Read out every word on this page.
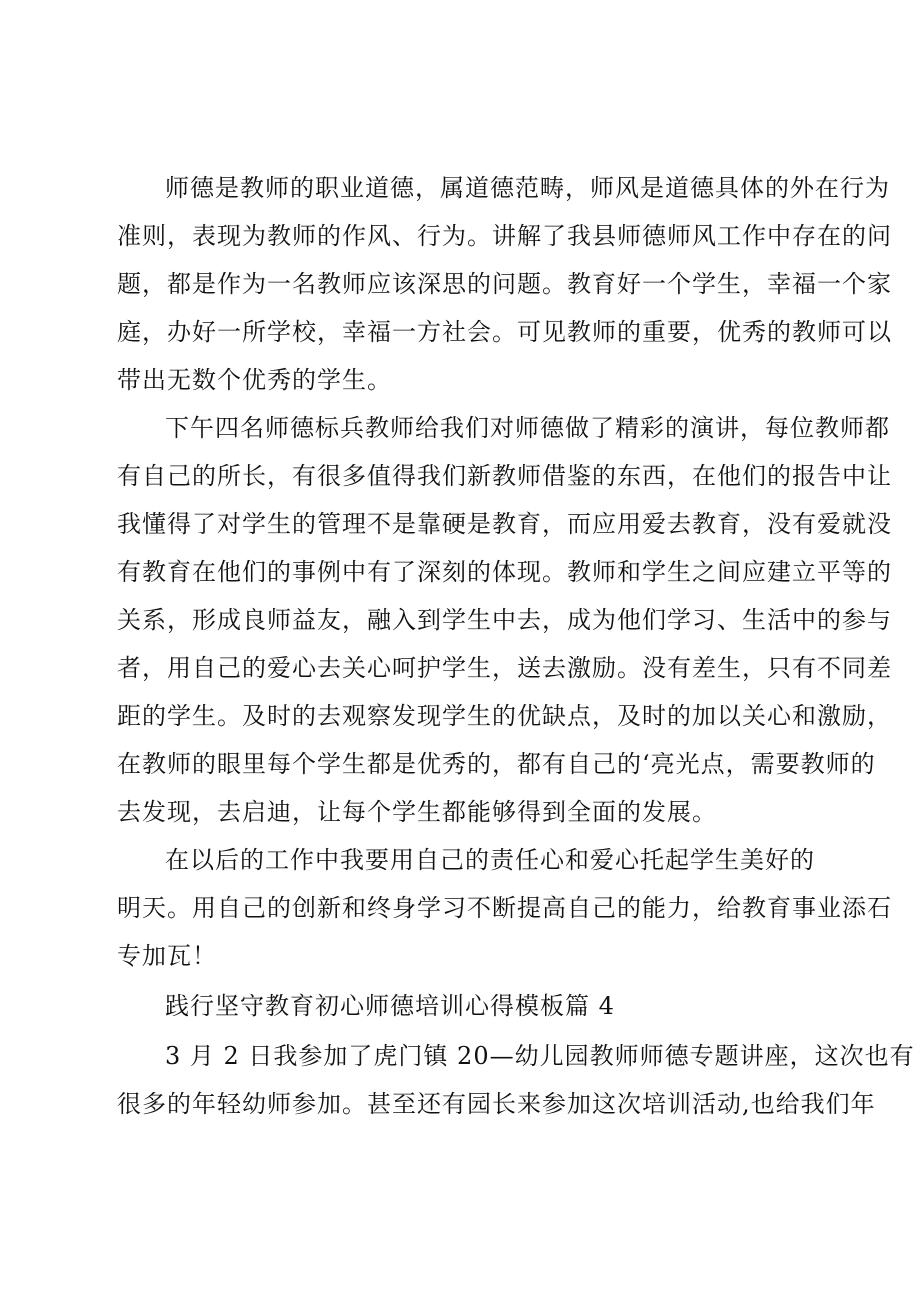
师德是教师的职业道德，属道德范畴，师风是道德具体的外在行为
准则，表现为教师的作风、行为。讲解了我县师德师风工作中存在的问
题，都是作为一名教师应该深思的问题。教育好一个学生，幸福一个家
庭，办好一所学校，幸福一方社会。可见教师的重要，优秀的教师可以
带出无数个优秀的学生。
下午四名师德标兵教师给我们对师德做了精彩的演讲，每位教师都
有自己的所长，有很多值得我们新教师借鉴的东西，在他们的报告中让
我懂得了对学生的管理不是靠硬是教育，而应用爱去教育，没有爱就没
有教育在他们的事例中有了深刻的体现。教师和学生之间应建立平等的
关系，形成良师益友，融入到学生中去，成为他们学习、生活中的参与
者，用自己的爱心去关心呵护学生，送去激励。没有差生，只有不同差
距的学生。及时的去观察发现学生的优缺点，及时的加以关心和激励，
在教师的眼里每个学生都是优秀的，都有自己的‘亮光点，需要教师的
去发现，去启迪，让每个学生都能够得到全面的发展。
在以后的工作中我要用自己的责任心和爱心托起学生美好的
明天。用自己的创新和终身学习不断提高自己的能力，给教育事业添石
专加瓦！
践行坚守教育初心师德培训心得模板篇 4
3 月 2 日我参加了虎门镇 20—幼儿园教师师德专题讲座，这次也有
很多的年轻幼师参加。甚至还有园长来参加这次培训活动,也给我们年
